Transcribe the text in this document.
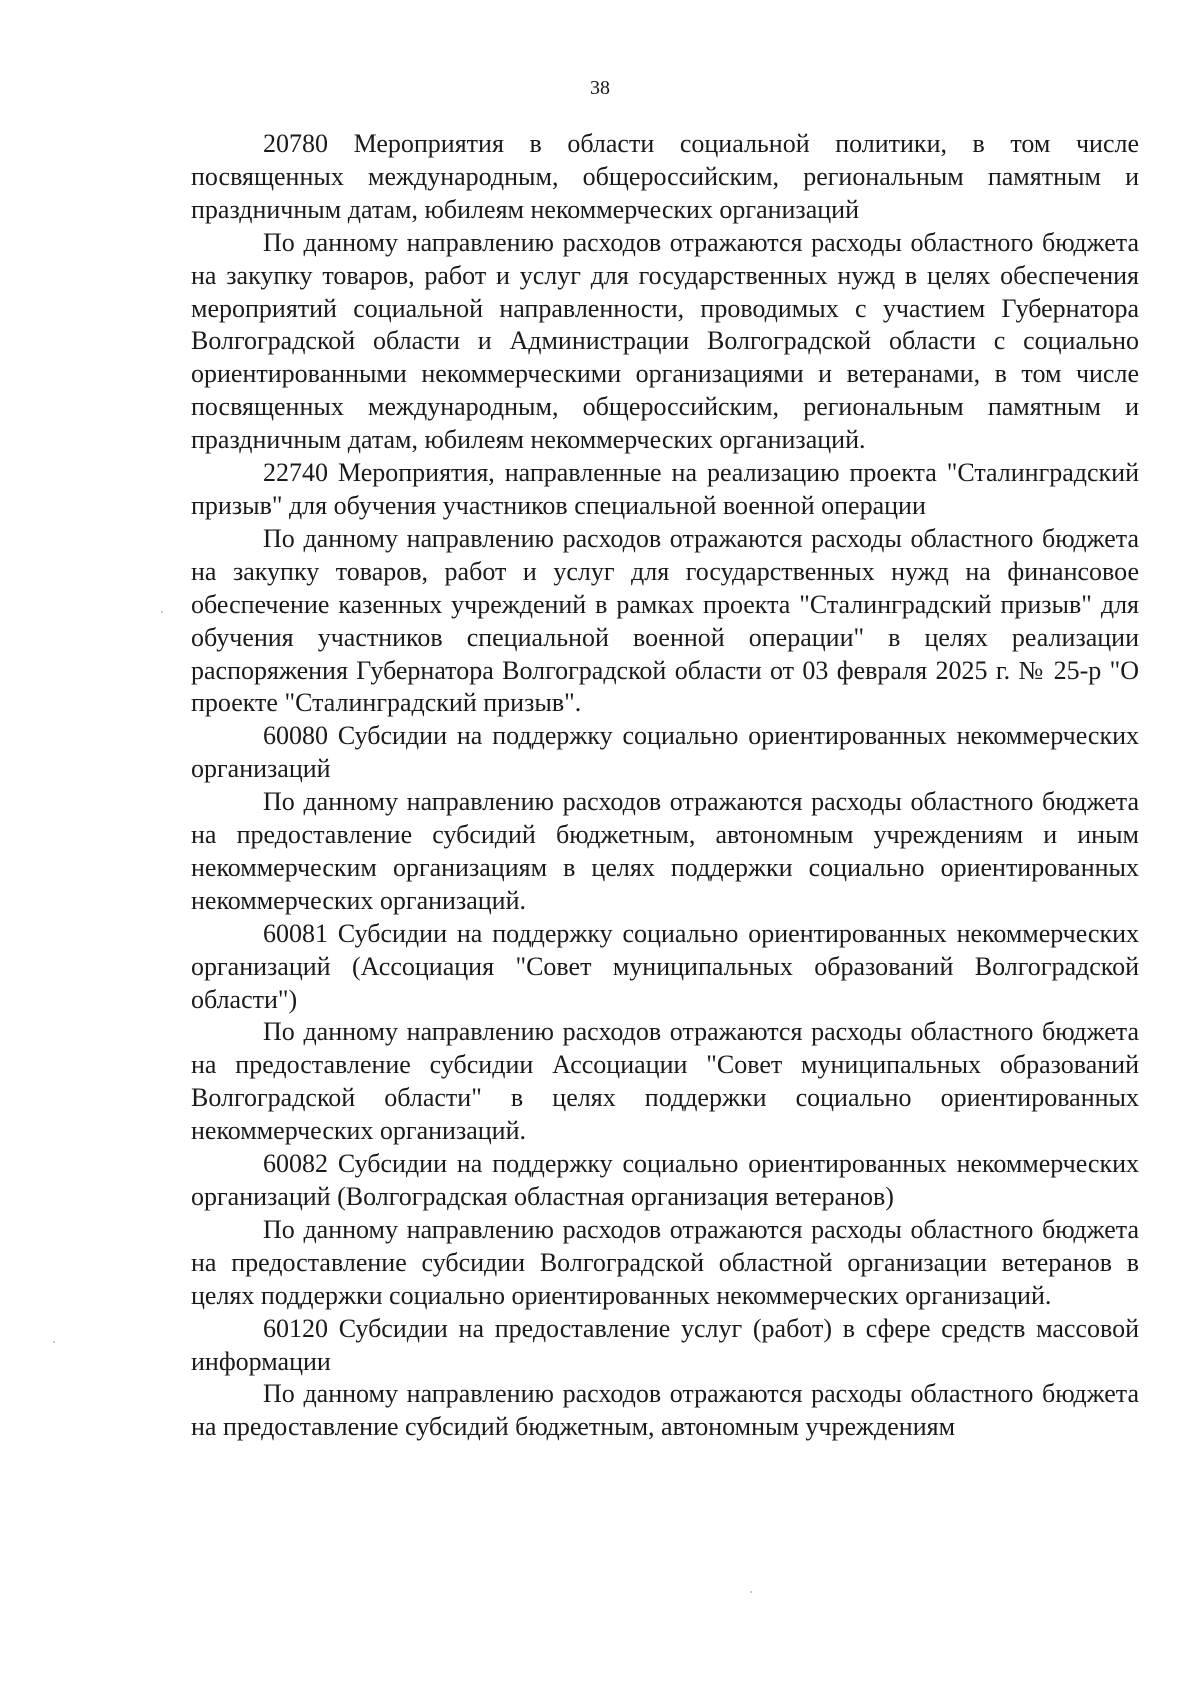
38

20780 Мероприятия в области социальной политики, в том числе посвященных международным, общероссийским, региональным памятным и праздничным датам, юбилеям некоммерческих организаций

По данному направлению расходов отражаются расходы областного бюджета на закупку товаров, работ и услуг для государственных нужд в целях обеспечения мероприятий социальной направленности, проводимых с участием Губернатора Волгоградской области и Администрации Волгоградской области с социально ориентированными некоммерческими организациями и ветеранами, в том числе посвященных международным, общероссийским, региональным памятным и праздничным датам, юбилеям некоммерческих организаций.

22740 Мероприятия, направленные на реализацию проекта "Сталинградский призыв" для обучения участников специальной военной операции

По данному направлению расходов отражаются расходы областного бюджета на закупку товаров, работ и услуг для государственных нужд на финансовое обеспечение казенных учреждений в рамках проекта "Сталинградский призыв" для обучения участников специальной военной операции" в целях реализации распоряжения Губернатора Волгоградской области от 03 февраля 2025 г. № 25-р "О проекте "Сталинградский призыв".

60080 Субсидии на поддержку социально ориентированных некоммерческих организаций

По данному направлению расходов отражаются расходы областного бюджета на предоставление субсидий бюджетным, автономным учреждениям и иным некоммерческим организациям в целях поддержки социально ориентированных некоммерческих организаций.

60081 Субсидии на поддержку социально ориентированных некоммерческих организаций (Ассоциация "Совет муниципальных образований Волгоградской области")

По данному направлению расходов отражаются расходы областного бюджета на предоставление субсидии Ассоциации "Совет муниципальных образований Волгоградской области" в целях поддержки социально ориентированных некоммерческих организаций.

60082 Субсидии на поддержку социально ориентированных некоммерческих организаций (Волгоградская областная организация ветеранов)

По данному направлению расходов отражаются расходы областного бюджета на предоставление субсидии Волгоградской областной организации ветеранов в целях поддержки социально ориентированных некоммерческих организаций.

60120 Субсидии на предоставление услуг (работ) в сфере средств массовой информации

По данному направлению расходов отражаются расходы областного бюджета на предоставление субсидий бюджетным, автономным учреждениям
